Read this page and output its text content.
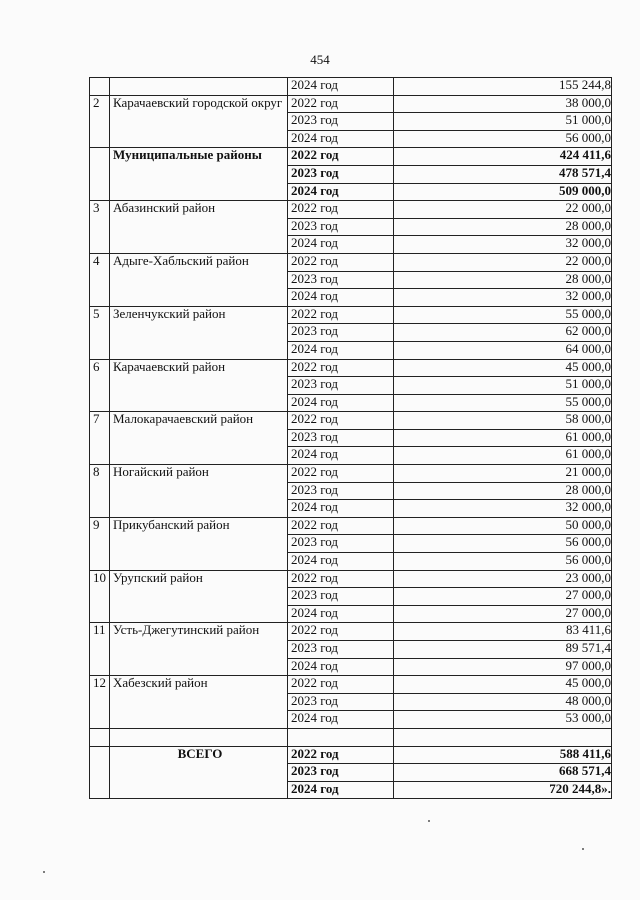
454
		2024 год	155 244,8
2	Карачаевский городской округ	2022 год	38 000,0
		2023 год	51 000,0
		2024 год	56 000,0
	Муниципальные районы	2022 год	424 411,6
		2023 год	478 571,4
		2024 год	509 000,0
3	Абазинский район	2022 год	22 000,0
		2023 год	28 000,0
		2024 год	32 000,0
4	Адыге-Хабльский район	2022 год	22 000,0
		2023 год	28 000,0
		2024 год	32 000,0
5	Зеленчукский район	2022 год	55 000,0
		2023 год	62 000,0
		2024 год	64 000,0
6	Карачаевский район	2022 год	45 000,0
		2023 год	51 000,0
		2024 год	55 000,0
7	Малокарачаевский район	2022 год	58 000,0
		2023 год	61 000,0
		2024 год	61 000,0
8	Ногайский район	2022 год	21 000,0
		2023 год	28 000,0
		2024 год	32 000,0
9	Прикубанский район	2022 год	50 000,0
		2023 год	56 000,0
		2024 год	56 000,0
10	Урупский район	2022 год	23 000,0
		2023 год	27 000,0
		2024 год	27 000,0
11	Усть-Джегутинский район	2022 год	83 411,6
		2023 год	89 571,4
		2024 год	97 000,0
12	Хабезский район	2022 год	45 000,0
		2023 год	48 000,0
		2024 год	53 000,0

	ВСЕГО	2022 год	588 411,6
		2023 год	668 571,4
		2024 год	720 244,8».
